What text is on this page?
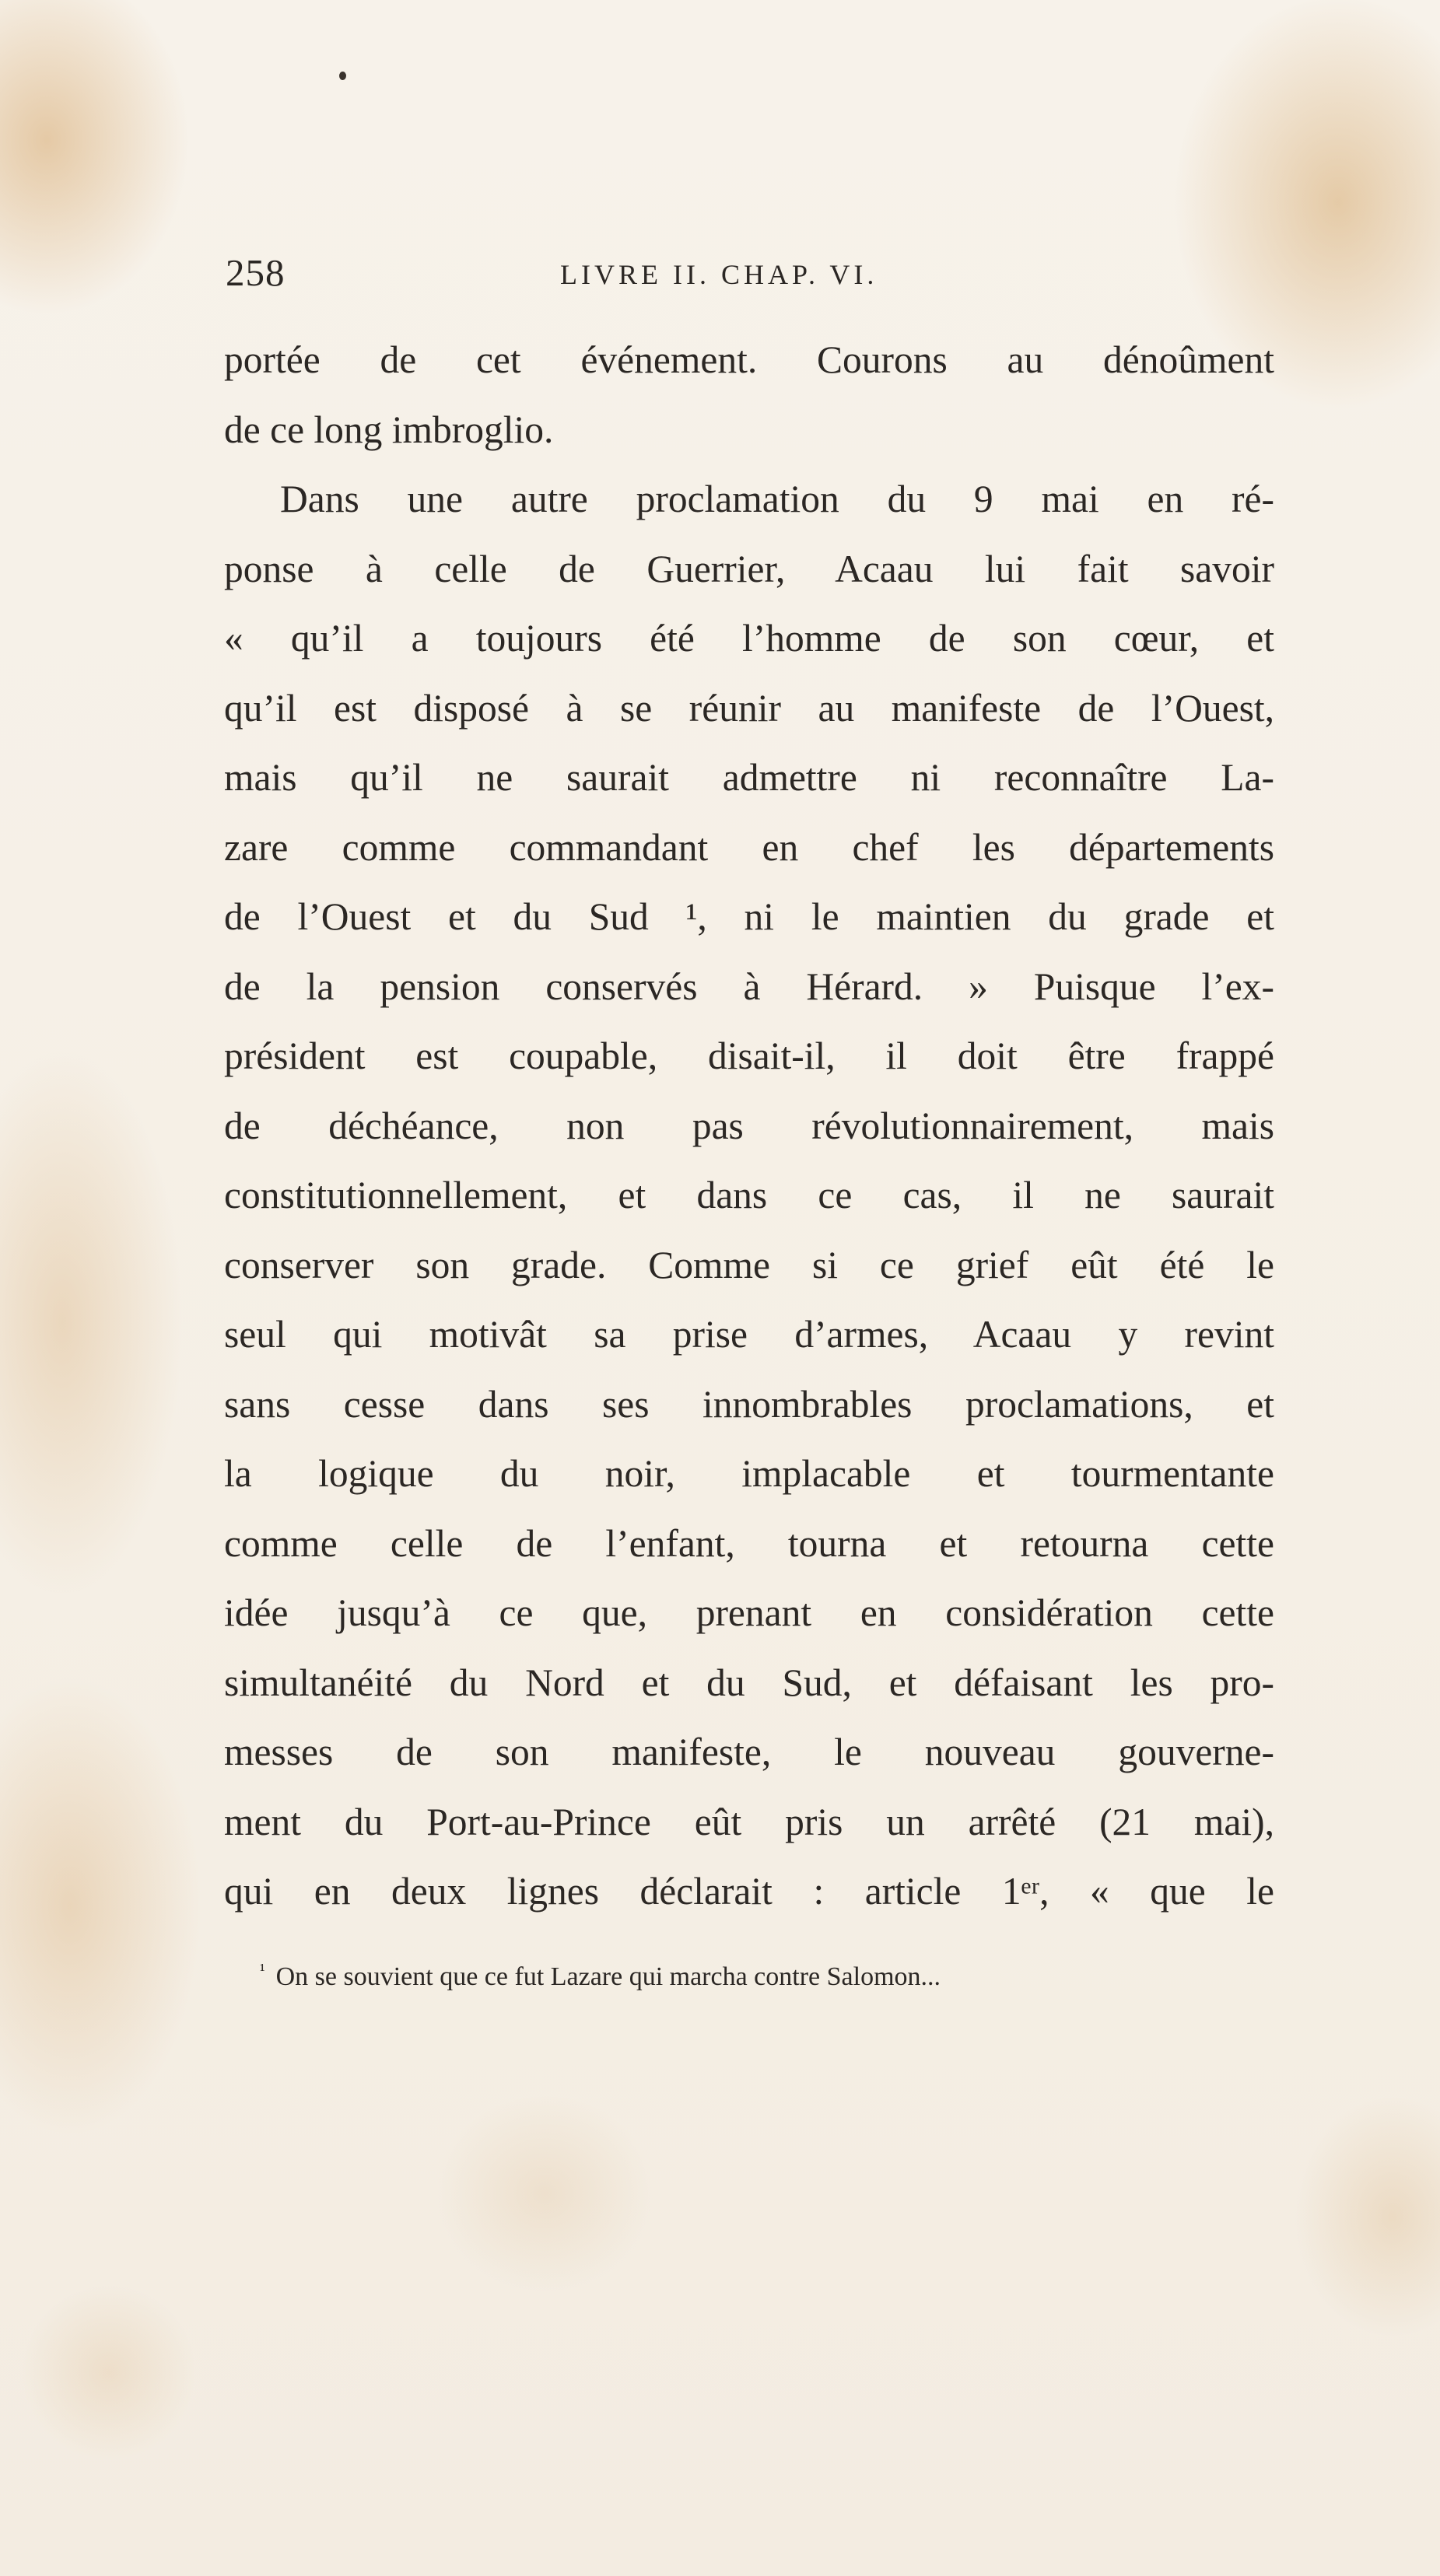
258	LIVRE II. CHAP. VI.
portée de cet événement. Courons au dénoûment
de ce long imbroglio.
Dans une autre proclamation du 9 mai en ré-
ponse à celle de Guerrier, Acaau lui fait savoir
« qu’il a toujours été l’homme de son cœur, et
qu’il est disposé à se réunir au manifeste de l’Ouest,
mais qu’il ne saurait admettre ni reconnaître La-
zare comme commandant en chef les départements
de l’Ouest et du Sud ¹, ni le maintien du grade et
de la pension conservés à Hérard. » Puisque l’ex-
président est coupable, disait-il, il doit être frappé
de déchéance, non pas révolutionnairement, mais
constitutionnellement, et dans ce cas, il ne saurait
conserver son grade. Comme si ce grief eût été le
seul qui motivât sa prise d’armes, Acaau y revint
sans cesse dans ses innombrables proclamations, et
la logique du noir, implacable et tourmentante
comme celle de l’enfant, tourna et retourna cette
idée jusqu’à ce que, prenant en considération cette
simultanéité du Nord et du Sud, et défaisant les pro-
messes de son manifeste, le nouveau gouverne-
ment du Port-au-Prince eût pris un arrêté (21 mai),
qui en deux lignes déclarait : article 1ᵉʳ, « que le
$^{^1}$ On se souvient que ce fut Lazare qui marcha contre Salomon...
